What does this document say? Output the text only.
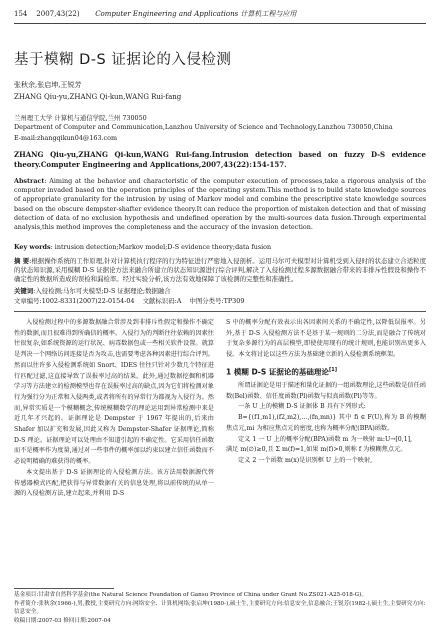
154 2007,43(22) Computer Engineering and Applications 计算机工程与应用
基于模糊 D-S 证据论的入侵检测
张秋余,张启坤,王锐芳
ZHANG Qiu-yu,ZHANG Qi-kun,WANG Rui-fang
兰州理工大学 计算机与通信学院,兰州 730050
Department of Computer and Communication,Lanzhou University of Science and Technology,Lanzhou 730050,China
E-mail:zhangqikun04@163.com
ZHANG Qiu-yu,ZHANG Qi-kun,WANG Rui-fang.Intrusion detection based on fuzzy D-S evidence theory.Computer Engineering and Applications,2007,43(22):154-157.
Abstract: Aiming at the behavior and characteristic of the computer execution of processes,take a rigorous analysis of the computer invaded based on the operation principles of the operating system.This method is to build state knowledge sources of appropriate granularity for the intrusion by using of Markov model and combine the prescriptive state knowledge sources based on the obscure dempster-shafter evidence theory.It can reduce the proportion of mistaken detection and that of missing detection of data of no exclusion hypothesis and undefined operation by the multi-sources data fusion.Through experimental analysis,this method improves the completeness and the accuracy of the invasion detection.
Key words: intrusion detection;Markov model;D-S evidence theory;data fusion
摘 要:根据操作系统的工作原理,针对计算机执行程序的行为特征进行严密地入侵剖析。运用马尔可夫模型对计算机受到入侵时的状态建立合适粒度的状态知识源,采用模糊 D-S 证据论方法来融合所建立的状态知识源进行综合评判,解决了入侵检测过程多源数据融合带来的非排斥性假设和操作不确定性的数据所造成的误检和漏检率。经过实验分析,该方法有效地保障了该检测的完整性和准确性。
关键词:入侵检测;马尔可夫模型;D-S 证据理论;数据融合
文章编号:1002-8331(2007)22-0154-04 文献标识码:A 中图分类号:TP309

入侵检测过程中的多源数据融合常涉及到非排斥性假定和操作不确定性的数据,而且很难得到所确信的概率。入侵行为的判断往往依赖的因素往往很复杂,如系统资源的运行状况、病毒数据包或一些相关软件设置。就算是判决一个网络访问连接是否为攻击,也需要考虑各种因素进行综合评判。然而以往许多入侵检测系统如 Snort、IDES 往往只针对少数几个特征进行匹配过滤,这直接导致了误报率过高的结果。此外,通过数据挖掘和机器学习等方法建立的检测模型也存在误报率过高的缺点,因为它们将检测对象行为强行分为正常和入侵两类,或者将所有的异常行为都视为入侵行为。然而,异常实质是一个模糊概念,传统模糊数学的理论运用到异常检测中来是近几年才兴起的。证据理论是 Dempster 于 1967 年提出的,后来由 Shafer 加以扩充和发展,因此又称为 Dempster-Shafer 证据理论,简称 D-S 理论。证据理论可以处理由不知道引起的不确定性。它采用信任函数而不是概率作为度量,通过对一些事件的概率加以约束以建立信任函数而不必说明精确的难获得的概率。

本文提出基于 D-S 证据理论的入侵检测方法。该方法用数据源代替传感器模式匹配,把获得与异常数据有关的信息处理,将以前传统的从单一源的入侵检测方法,建立起来,并利用 D-S

S 中的概率分配有效表示出各因素间关系的不确定性,以降低误报率。另外,基于 D-S 入侵检测方法不是基于某一规则的二分法,而是融合了传统对于复杂多源行为的高层模型,即使使用现有的统计规则,也能识别出更多入侵。本文将讨论以这些方法为基础建立新的入侵检测系统框架。

1 模糊 D-S 证据论的基础理论[1]

所谓证据论是用于描述和量化证据的一组函数理论,这些函数是信任函数(Bel)函数、信任度函数(Pl)函数与似真函数(Pl)等等。

一条 U 上的模糊 D-S 证据体 B 具有下列形式:

B={(f1,m1),(f2,m2),…,(fn,mn)} 其中 fi ∈ F(U),称为 B 的模糊焦点元,mi 为相应焦点元的密度,也称为概率分配(BPA)函数。

定义 1 一 U 上的概率分配(BPA)函数 m 为一映射 m:U→[0,1],

满足 m(∅)≥0,且 Σ m(f)=1,如果 m(f)>0,则称 f 为模糊焦点元。

定义 2 一个函数 m(x)是识别框 U 上的一个映射,

基金项目:甘肃省自然科学基金(the Natural Science Foundation of Gansu Province of China under Grant No.ZS021-A25-018-G)。
作者简介:张秋余(1966-),男,教授,主要研究方向:网络安全、计算机网络;张启坤(1980-),硕士生,主要研究方向:信息安全,信息融合;王锐芳(1982-),硕士生,主要研究方向:信息安全。
收稿日期:2007-03 修回日期:2007-04
